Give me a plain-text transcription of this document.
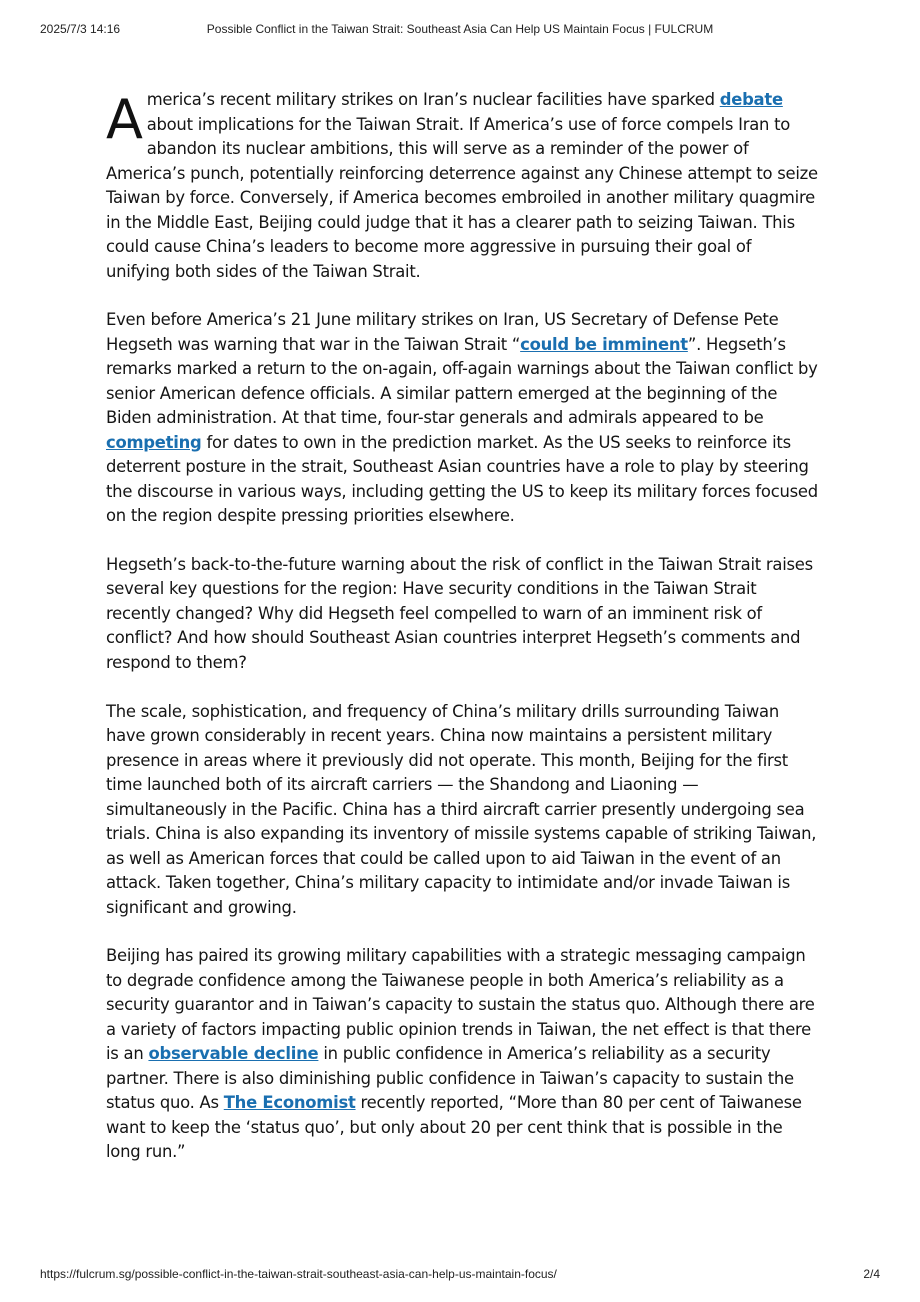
2025/7/3 14:16	Possible Conflict in the Taiwan Strait: Southeast Asia Can Help US Maintain Focus | FULCRUM

America’s recent military strikes on Iran’s nuclear facilities have sparked debate about implications for the Taiwan Strait. If America’s use of force compels Iran to abandon its nuclear ambitions, this will serve as a reminder of the power of America’s punch, potentially reinforcing deterrence against any Chinese attempt to seize Taiwan by force. Conversely, if America becomes embroiled in another military quagmire in the Middle East, Beijing could judge that it has a clearer path to seizing Taiwan. This could cause China’s leaders to become more aggressive in pursuing their goal of unifying both sides of the Taiwan Strait.

Even before America’s 21 June military strikes on Iran, US Secretary of Defense Pete Hegseth was warning that war in the Taiwan Strait “could be imminent”. Hegseth’s remarks marked a return to the on-again, off-again warnings about the Taiwan conflict by senior American defence officials. A similar pattern emerged at the beginning of the Biden administration. At that time, four-star generals and admirals appeared to be competing for dates to own in the prediction market. As the US seeks to reinforce its deterrent posture in the strait, Southeast Asian countries have a role to play by steering the discourse in various ways, including getting the US to keep its military forces focused on the region despite pressing priorities elsewhere.

Hegseth’s back-to-the-future warning about the risk of conflict in the Taiwan Strait raises several key questions for the region: Have security conditions in the Taiwan Strait recently changed? Why did Hegseth feel compelled to warn of an imminent risk of conflict? And how should Southeast Asian countries interpret Hegseth’s comments and respond to them?

The scale, sophistication, and frequency of China’s military drills surrounding Taiwan have grown considerably in recent years. China now maintains a persistent military presence in areas where it previously did not operate. This month, Beijing for the first time launched both of its aircraft carriers — the Shandong and Liaoning — simultaneously in the Pacific. China has a third aircraft carrier presently undergoing sea trials. China is also expanding its inventory of missile systems capable of striking Taiwan, as well as American forces that could be called upon to aid Taiwan in the event of an attack. Taken together, China’s military capacity to intimidate and/or invade Taiwan is significant and growing.

Beijing has paired its growing military capabilities with a strategic messaging campaign to degrade confidence among the Taiwanese people in both America’s reliability as a security guarantor and in Taiwan’s capacity to sustain the status quo. Although there are a variety of factors impacting public opinion trends in Taiwan, the net effect is that there is an observable decline in public confidence in America’s reliability as a security partner. There is also diminishing public confidence in Taiwan’s capacity to sustain the status quo. As The Economist recently reported, “More than 80 per cent of Taiwanese want to keep the ‘status quo’, but only about 20 per cent think that is possible in the long run.”

https://fulcrum.sg/possible-conflict-in-the-taiwan-strait-southeast-asia-can-help-us-maintain-focus/	2/4
